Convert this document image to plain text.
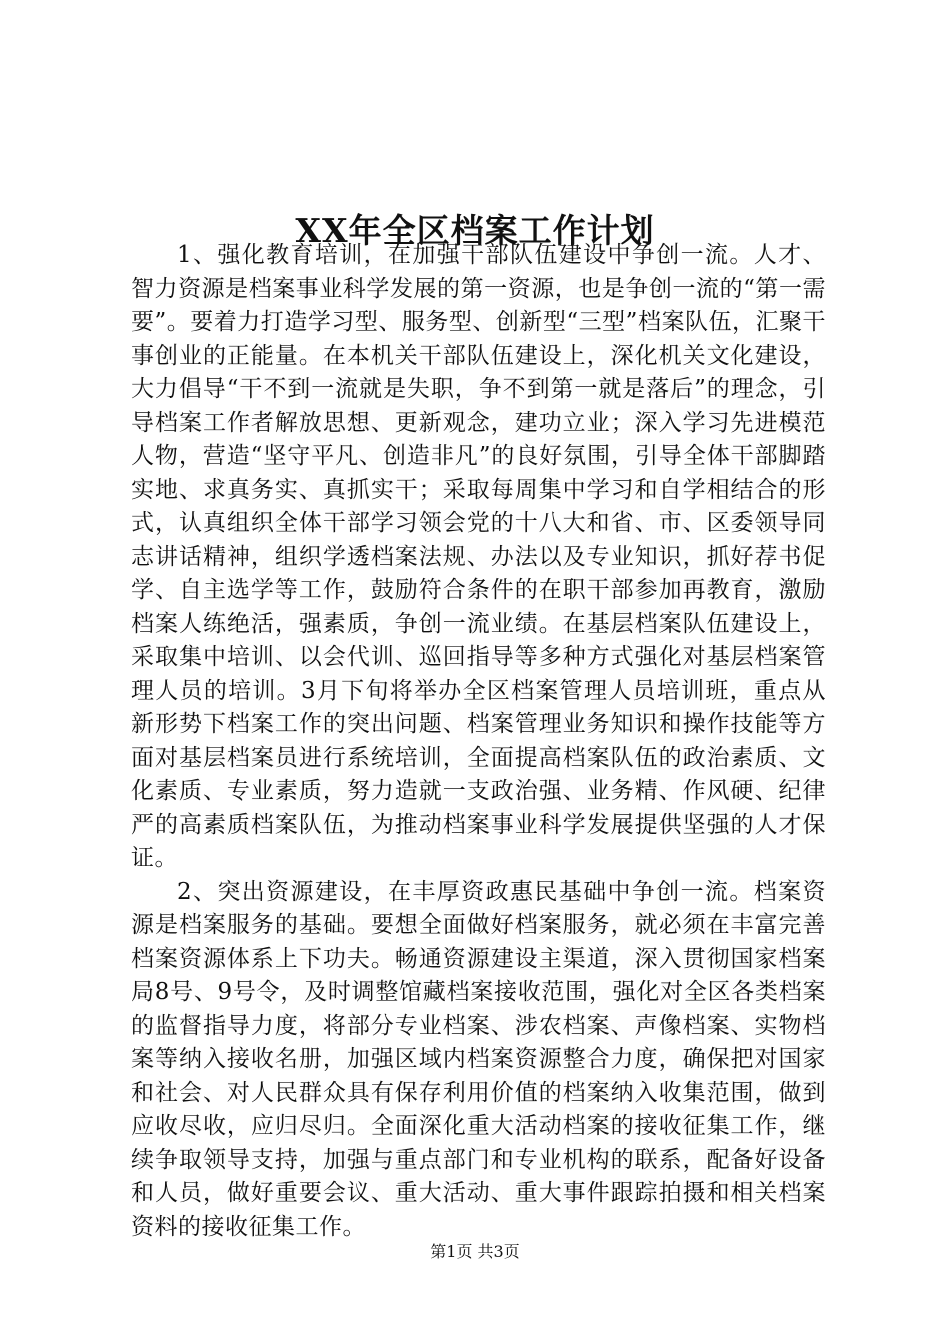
XX年全区档案工作计划

1、强化教育培训，在加强干部队伍建设中争创一流。人才、智力资源是档案事业科学发展的第一资源，也是争创一流的“第一需要”。要着力打造学习型、服务型、创新型“三型”档案队伍，汇聚干事创业的正能量。在本机关干部队伍建设上，深化机关文化建设，大力倡导“干不到一流就是失职，争不到第一就是落后”的理念，引导档案工作者解放思想、更新观念，建功立业；深入学习先进模范人物，营造“坚守平凡、创造非凡”的良好氛围，引导全体干部脚踏实地、求真务实、真抓实干；采取每周集中学习和自学相结合的形式，认真组织全体干部学习领会党的十八大和省、市、区委领导同志讲话精神，组织学透档案法规、办法以及专业知识，抓好荐书促学、自主选学等工作，鼓励符合条件的在职干部参加再教育，激励档案人练绝活，强素质，争创一流业绩。在基层档案队伍建设上，采取集中培训、以会代训、巡回指导等多种方式强化对基层档案管理人员的培训。3月下旬将举办全区档案管理人员培训班，重点从新形势下档案工作的突出问题、档案管理业务知识和操作技能等方面对基层档案员进行系统培训，全面提高档案队伍的政治素质、文化素质、专业素质，努力造就一支政治强、业务精、作风硬、纪律严的高素质档案队伍，为推动档案事业科学发展提供坚强的人才保证。

2、突出资源建设，在丰厚资政惠民基础中争创一流。档案资源是档案服务的基础。要想全面做好档案服务，就必须在丰富完善档案资源体系上下功夫。畅通资源建设主渠道，深入贯彻国家档案局8号、9号令，及时调整馆藏档案接收范围，强化对全区各类档案的监督指导力度，将部分专业档案、涉农档案、声像档案、实物档案等纳入接收名册，加强区域内档案资源整合力度，确保把对国家和社会、对人民群众具有保存利用价值的档案纳入收集范围，做到应收尽收，应归尽归。全面深化重大活动档案的接收征集工作，继续争取领导支持，加强与重点部门和专业机构的联系，配备好设备和人员，做好重要会议、重大活动、重大事件跟踪拍摄和相关档案资料的接收征集工作。

第1页 共3页
